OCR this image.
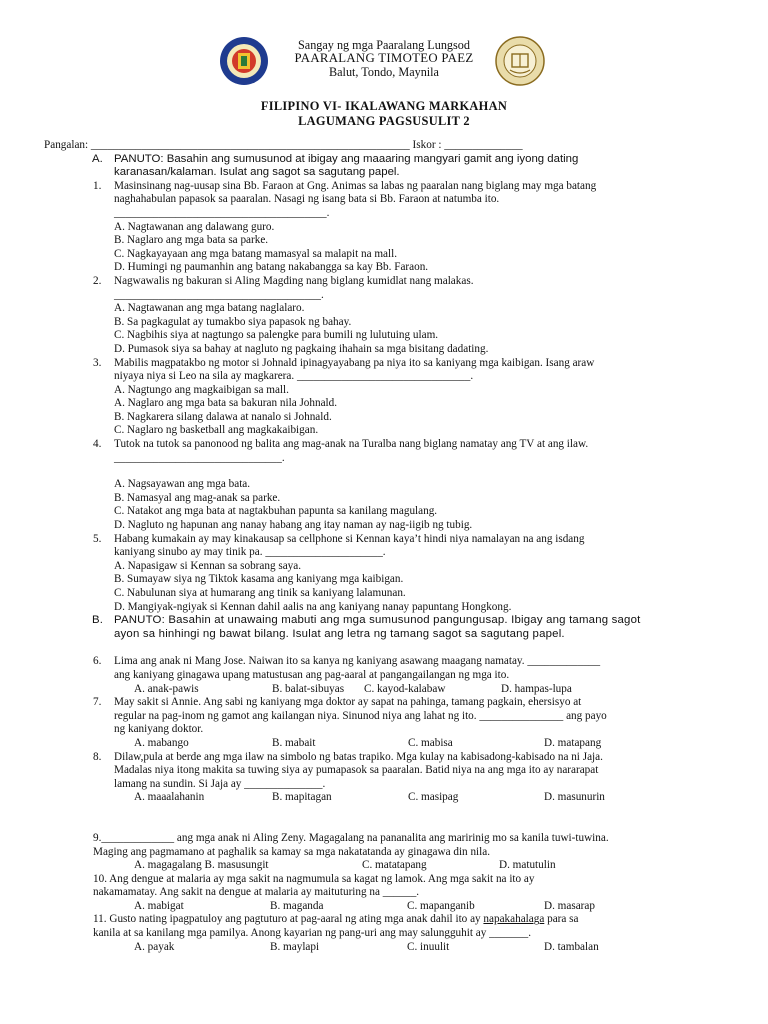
Sangay ng mga Paaralang Lungsod
PAARALANG TIMOTEO PAEZ
Balut, Tondo, Maynila
FILIPINO VI- IKALAWANG MARKAHAN
LAGUMANG PAGSUSULIT 2
Pangalan: _________________________________________________________ Iskor : ______________
A. PANUTO: Basahin ang sumusunod at ibigay ang maaaring mangyari gamit ang iyong dating
karanasan/kalaman. Isulat ang sagot sa sagutang papel.
1. Masinsinang nag-uusap sina Bb. Faraon at Gng. Animas sa labas ng paaralan nang biglang may mga batang
naghahabulan papasok sa paaralan. Nasagi ng isang bata si Bb. Faraon at natumba ito.
______________________________________.
A. Nagtawanan ang dalawang guro.
B. Naglaro ang mga bata sa parke.
C. Nagkayayaan ang mga batang mamasyal sa malapit na mall.
D. Humingi ng paumanhin ang batang nakabangga sa kay Bb. Faraon.
2. Nagwawalis ng bakuran si Aling Magding nang biglang kumidlat nang malakas.
_____________________________________.
A. Nagtawanan ang mga batang naglalaro.
B. Sa pagkagulat ay tumakbo siya papasok ng bahay.
C. Nagbihis siya at nagtungo sa palengke para bumili ng lulutuing ulam.
D. Pumasok siya sa bahay at nagluto ng pagkaing ihahain sa mga bisitang dadating.
3. Mabilis magpatakbo ng motor si Johnald ipinagyayabang pa niya ito sa kaniyang mga kaibigan. Isang araw
niyaya niya si Leo na sila ay magkarera. _______________________________.
A. Nagtungo ang magkaibigan sa mall.
A. Naglaro ang mga bata sa bakuran nila Johnald.
B. Nagkarera silang dalawa at nanalo si Johnald.
C. Naglaro ng basketball ang magkakaibigan.
4. Tutok na tutok sa panonood ng balita ang mag-anak na Turalba nang biglang namatay ang TV at ang ilaw.
______________________________.
A. Nagsayawan ang mga bata.
B. Namasyal ang mag-anak sa parke.
C. Natakot ang mga bata at nagtakbuhan papunta sa kanilang magulang.
D. Nagluto ng hapunan ang nanay habang ang itay naman ay nag-iigib ng tubig.
5. Habang kumakain ay may kinakausap sa cellphone si Kennan kaya’t hindi niya namalayan na ang isdang
kaniyang sinubo ay may tinik pa. _____________________.
A. Napasigaw si Kennan sa sobrang saya.
B. Sumayaw siya ng Tiktok kasama ang kaniyang mga kaibigan.
C. Nabulunan siya at humarang ang tinik sa kaniyang lalamunan.
D. Mangiyak-ngiyak si Kennan dahil aalis na ang kaniyang nanay papuntang Hongkong.
B. PANUTO: Basahin at unawaing mabuti ang mga sumusunod pangungusap. Ibigay ang tamang sagot
ayon sa hinhingi ng bawat bilang. Isulat ang letra ng tamang sagot sa sagutang papel.
6. Lima ang anak ni Mang Jose. Naiwan ito sa kanya ng kaniyang asawang maagang namatay. _____________
ang kaniyang ginagawa upang matustusan ang pag-aaral at pangangailangan ng mga ito.
A. anak-pawis	B. balat-sibuyas C. kayod-kalabaw	D. hampas-lupa
7. May sakit si Annie. Ang sabi ng kaniyang mga doktor ay sapat na pahinga, tamang pagkain, ehersisyo at
regular na pag-inom ng gamot ang kailangan niya. Sinunod niya ang lahat ng ito. _______________ ang payo
ng kaniyang doktor.
A. mabango	B. mabait	C. mabisa	D. matapang
8. Dilaw,pula at berde ang mga ilaw na simbolo ng batas trapiko. Mga kulay na kabisadong-kabisado na ni Jaja.
Madalas niya itong makita sa tuwing siya ay pumapasok sa paaralan. Batid niya na ang mga ito ay nararapat
lamang na sundin. Si Jaja ay ______________.
A. maaalahanin	B. mapitagan	C. masipag	D. masunurin
9._____________ ang mga anak ni Aling Zeny. Magagalang na pananalita ang maririnig mo sa kanila tuwi-tuwina.
Maging ang pagmamano at paghalik sa kamay sa mga nakatatanda ay ginagawa din nila.
A. magagalang B. masusungit	C. matatapang	D. matutulin
10. Ang dengue at malaria ay mga sakit na nagmumula sa kagat ng lamok. Ang mga sakit na ito ay
nakamamatay. Ang sakit na dengue at malaria ay maituturing na ______.
A. mabigat	B. maganda	C. mapanganib	D. masarap
11. Gusto nating ipagpatuloy ang pagtuturo at pag-aaral ng ating mga anak dahil ito ay napakahalaga para sa
kanila at sa kanilang mga pamilya. Anong kayarian ng pang-uri ang may salungguhit ay _______.
A. payak	B. maylapi	C. inuulit	D. tambalan
